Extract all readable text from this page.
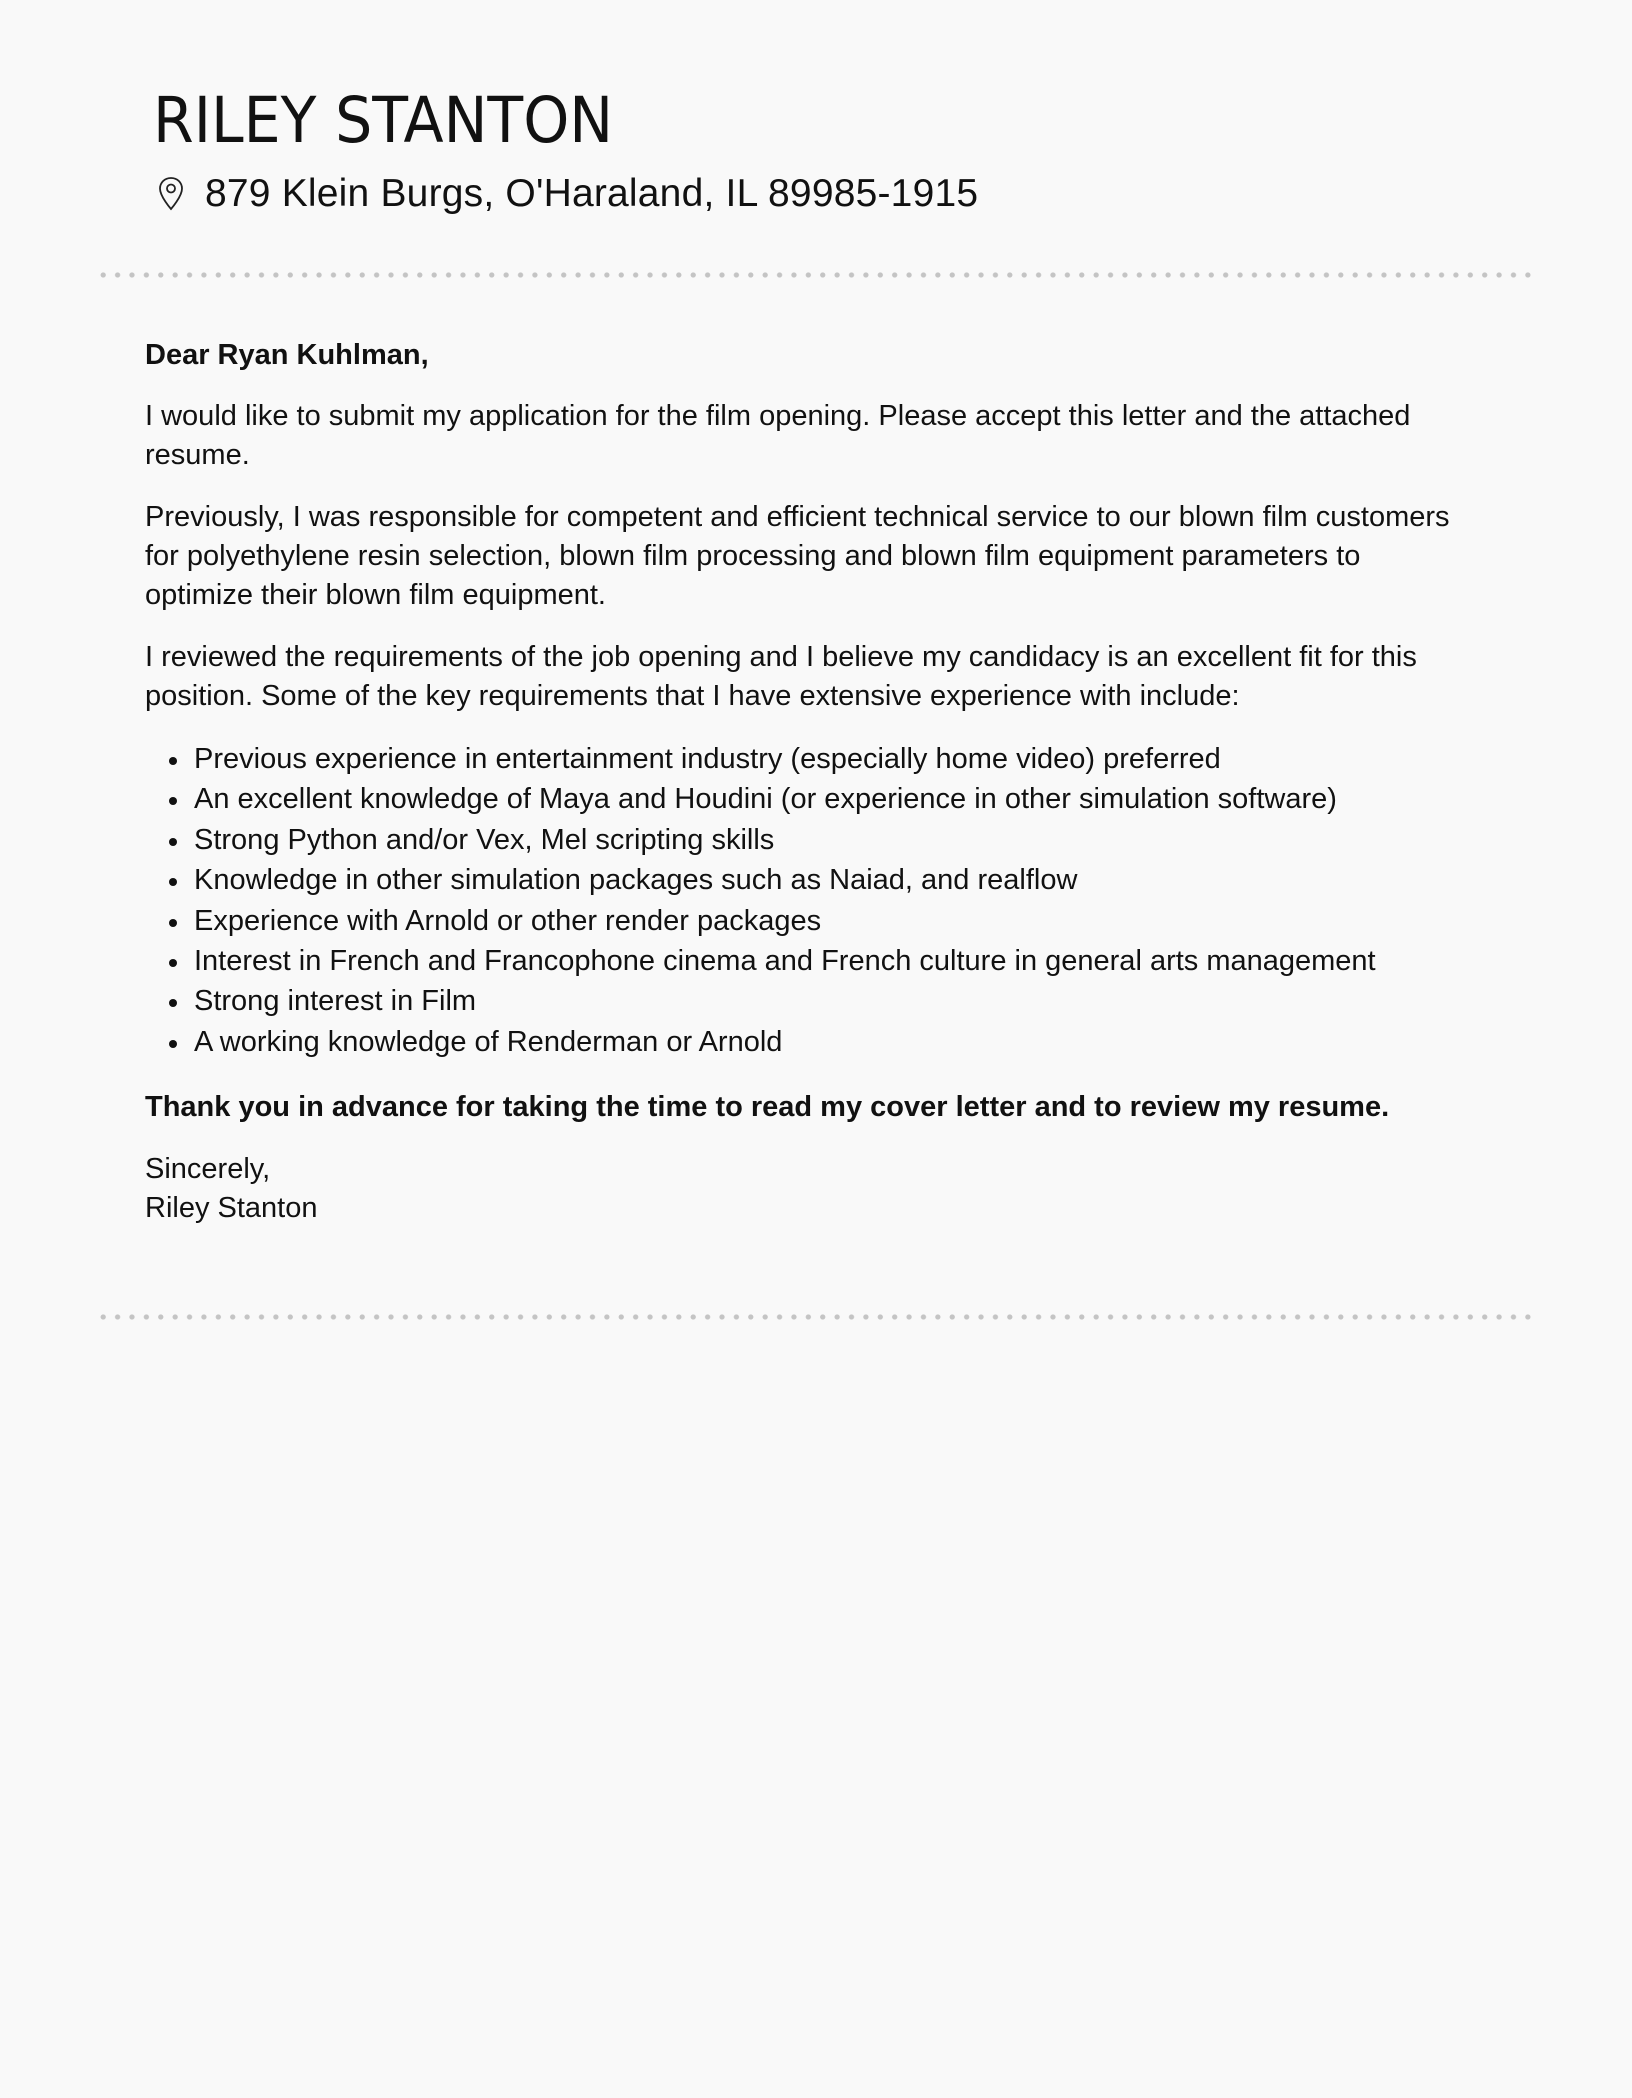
RILEY STANTON
879 Klein Burgs, O'Haraland, IL 89985-1915

Dear Ryan Kuhlman,

I would like to submit my application for the film opening. Please accept this letter and the attached resume.

Previously, I was responsible for competent and efficient technical service to our blown film customers for polyethylene resin selection, blown film processing and blown film equipment parameters to optimize their blown film equipment.

I reviewed the requirements of the job opening and I believe my candidacy is an excellent fit for this position. Some of the key requirements that I have extensive experience with include:

Previous experience in entertainment industry (especially home video) preferred
An excellent knowledge of Maya and Houdini (or experience in other simulation software)
Strong Python and/or Vex, Mel scripting skills
Knowledge in other simulation packages such as Naiad, and realflow
Experience with Arnold or other render packages
Interest in French and Francophone cinema and French culture in general arts management
Strong interest in Film
A working knowledge of Renderman or Arnold

Thank you in advance for taking the time to read my cover letter and to review my resume.

Sincerely,

Riley Stanton
